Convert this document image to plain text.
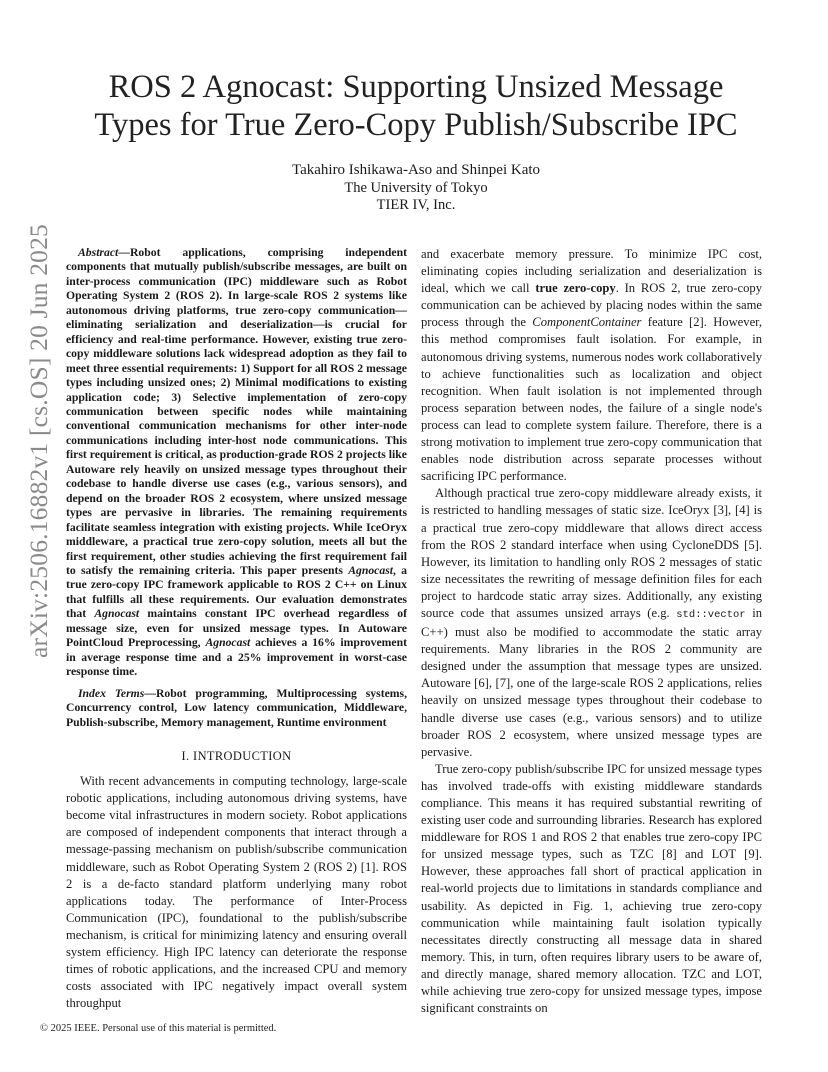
arXiv:2506.16882v1 [cs.OS] 20 Jun 2025
ROS 2 Agnocast: Supporting Unsized Message
Types for True Zero-Copy Publish/Subscribe IPC
Takahiro Ishikawa-Aso and Shinpei Kato
The University of Tokyo
TIER IV, Inc.

Abstract—Robot applications, comprising independent components that mutually publish/subscribe messages, are built on inter-process communication (IPC) middleware such as Robot Operating System 2 (ROS 2). In large-scale ROS 2 systems like autonomous driving platforms, true zero-copy communication—eliminating serialization and deserialization—is crucial for efficiency and real-time performance. However, existing true zero-copy middleware solutions lack widespread adoption as they fail to meet three essential requirements: 1) Support for all ROS 2 message types including unsized ones; 2) Minimal modifications to existing application code; 3) Selective implementation of zero-copy communication between specific nodes while maintaining conventional communication mechanisms for other inter-node communications including inter-host node communications. This first requirement is critical, as production-grade ROS 2 projects like Autoware rely heavily on unsized message types throughout their codebase to handle diverse use cases (e.g., various sensors), and depend on the broader ROS 2 ecosystem, where unsized message types are pervasive in libraries. The remaining requirements facilitate seamless integration with existing projects. While IceOryx middleware, a practical true zero-copy solution, meets all but the first requirement, other studies achieving the first requirement fail to satisfy the remaining criteria. This paper presents Agnocast, a true zero-copy IPC framework applicable to ROS 2 C++ on Linux that fulfills all these requirements. Our evaluation demonstrates that Agnocast maintains constant IPC overhead regardless of message size, even for unsized message types. In Autoware PointCloud Preprocessing, Agnocast achieves a 16% improvement in average response time and a 25% improvement in worst-case response time.

Index Terms—Robot programming, Multiprocessing systems, Concurrency control, Low latency communication, Middleware, Publish-subscribe, Memory management, Runtime environment

I. INTRODUCTION

With recent advancements in computing technology, large-scale robotic applications, including autonomous driving systems, have become vital infrastructures in modern society. Robot applications are composed of independent components that interact through a message-passing mechanism on publish/subscribe communication middleware, such as Robot Operating System 2 (ROS 2) [1]. ROS 2 is a de-facto standard platform underlying many robot applications today. The performance of Inter-Process Communication (IPC), foundational to the publish/subscribe mechanism, is critical for minimizing latency and ensuring overall system efficiency. High IPC latency can deteriorate the response times of robotic applications, and the increased CPU and memory costs associated with IPC negatively impact overall system throughput

and exacerbate memory pressure. To minimize IPC cost, eliminating copies including serialization and deserialization is ideal, which we call true zero-copy. In ROS 2, true zero-copy communication can be achieved by placing nodes within the same process through the ComponentContainer feature [2]. However, this method compromises fault isolation. For example, in autonomous driving systems, numerous nodes work collaboratively to achieve functionalities such as localization and object recognition. When fault isolation is not implemented through process separation between nodes, the failure of a single node's process can lead to complete system failure. Therefore, there is a strong motivation to implement true zero-copy communication that enables node distribution across separate processes without sacrificing IPC performance.

Although practical true zero-copy middleware already exists, it is restricted to handling messages of static size. IceOryx [3], [4] is a practical true zero-copy middleware that allows direct access from the ROS 2 standard interface when using CycloneDDS [5]. However, its limitation to handling only ROS 2 messages of static size necessitates the rewriting of message definition files for each project to hardcode static array sizes. Additionally, any existing source code that assumes unsized arrays (e.g. std::vector in C++) must also be modified to accommodate the static array requirements. Many libraries in the ROS 2 community are designed under the assumption that message types are unsized. Autoware [6], [7], one of the large-scale ROS 2 applications, relies heavily on unsized message types throughout their codebase to handle diverse use cases (e.g., various sensors) and to utilize broader ROS 2 ecosystem, where unsized message types are pervasive.

True zero-copy publish/subscribe IPC for unsized message types has involved trade-offs with existing middleware standards compliance. This means it has required substantial rewriting of existing user code and surrounding libraries. Research has explored middleware for ROS 1 and ROS 2 that enables true zero-copy IPC for unsized message types, such as TZC [8] and LOT [9]. However, these approaches fall short of practical application in real-world projects due to limitations in standards compliance and usability. As depicted in Fig. 1, achieving true zero-copy communication while maintaining fault isolation typically necessitates directly constructing all message data in shared memory. This, in turn, often requires library users to be aware of, and directly manage, shared memory allocation. TZC and LOT, while achieving true zero-copy for unsized message types, impose significant constraints on

© 2025 IEEE. Personal use of this material is permitted.
